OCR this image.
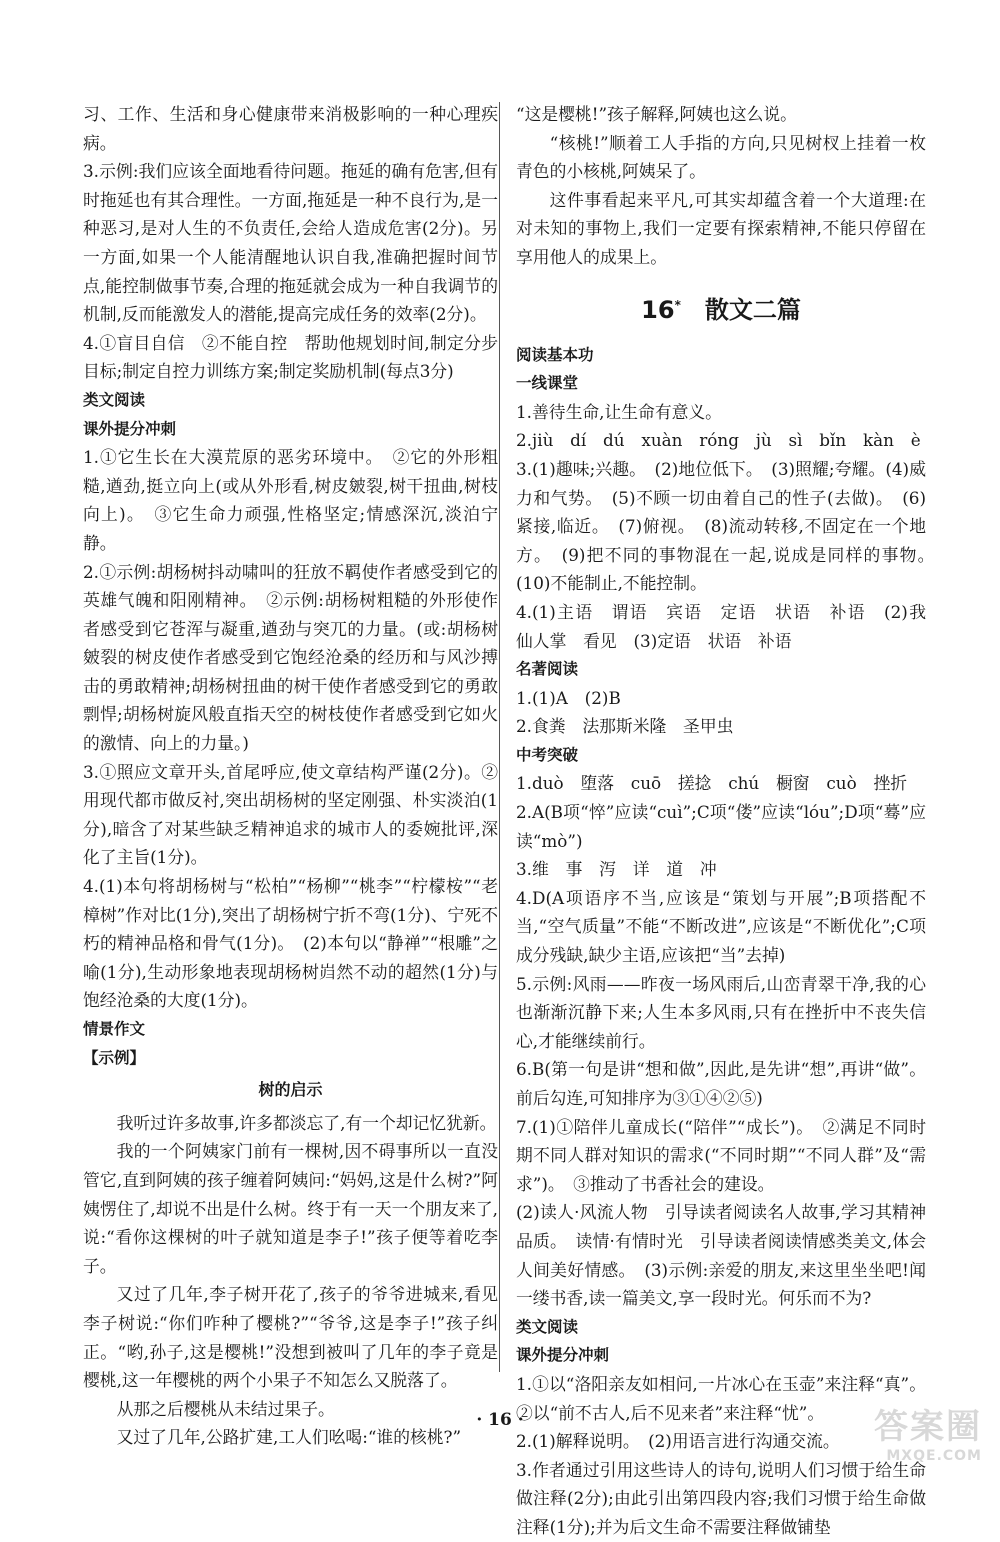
习、工作、生活和身心健康带来消极影响的一种心理疾病。

3.示例:我们应该全面地看待问题。拖延的确有危害,但有时拖延也有其合理性。一方面,拖延是一种不良行为,是一种恶习,是对人生的不负责任,会给人造成危害(2分)。另一方面,如果一个人能清醒地认识自我,准确把握时间节点,能控制做事节奏,合理的拖延就会成为一种自我调节的机制,反而能激发人的潜能,提高完成任务的效率(2分)。

4.①盲目自信　②不能自控　帮助他规划时间,制定分步目标;制定自控力训练方案;制定奖励机制(每点3分)

类文阅读

课外提分冲刺

1.①它生长在大漠荒原的恶劣环境中。　②它的外形粗糙,遒劲,挺立向上(或从外形看,树皮皴裂,树干扭曲,树枝向上)。　③它生命力顽强,性格坚定;情感深沉,淡泊宁静。

2.①示例:胡杨树抖动啸叫的狂放不羁使作者感受到它的英雄气魄和阳刚精神。　②示例:胡杨树粗糙的外形使作者感受到它苍浑与凝重,遒劲与突兀的力量。(或:胡杨树皴裂的树皮使作者感受到它饱经沧桑的经历和与风沙搏击的勇敢精神;胡杨树扭曲的树干使作者感受到它的勇敢剽悍;胡杨树旋风般直指天空的树枝使作者感受到它如火的激情、向上的力量。)

3.①照应文章开头,首尾呼应,使文章结构严谨(2分)。②用现代都市做反衬,突出胡杨树的坚定刚强、朴实淡泊(1分),暗含了对某些缺乏精神追求的城市人的委婉批评,深化了主旨(1分)。

4.(1)本句将胡杨树与“松柏”“杨柳”“桃李”“柠檬桉”“老樟树”作对比(1分),突出了胡杨树宁折不弯(1分)、宁死不朽的精神品格和骨气(1分)。　(2)本句以“静禅”“根雕”之喻(1分),生动形象地表现胡杨树岿然不动的超然(1分)与饱经沧桑的大度(1分)。

情景作文

【示例】

树的启示

我听过许多故事,许多都淡忘了,有一个却记忆犹新。

我的一个阿姨家门前有一棵树,因不碍事所以一直没管它,直到阿姨的孩子缠着阿姨问:“妈妈,这是什么树?”阿姨愣住了,却说不出是什么树。终于有一天一个朋友来了,说:“看你这棵树的叶子就知道是李子!”孩子便等着吃李子。

又过了几年,李子树开花了,孩子的爷爷进城来,看见李子树说:“你们咋种了樱桃?”“爷爷,这是李子!”孩子纠正。“哟,孙子,这是樱桃!”没想到被叫了几年的李子竟是樱桃,这一年樱桃的两个小果子不知怎么又脱落了。

从那之后樱桃从未结过果子。

又过了几年,公路扩建,工人们吆喝:“谁的核桃?”

“这是樱桃!”孩子解释,阿姨也这么说。

“核桃!”顺着工人手指的方向,只见树杈上挂着一枚青色的小核桃,阿姨呆了。

这件事看起来平凡,可其实却蕴含着一个大道理:在对未知的事物上,我们一定要有探索精神,不能只停留在享用他人的成果上。

16*  散文二篇

阅读基本功

一线课堂

1.善待生命,让生命有意义。

2.jiù　dí　dú　xuàn　róng　jù　sì　bǐn　kàn　è

3.(1)趣味;兴趣。　(2)地位低下。　(3)照耀;夸耀。(4)威力和气势。　(5)不顾一切由着自己的性子(去做)。　(6)紧接,临近。　(7)俯视。　(8)流动转移,不固定在一个地方。　(9)把不同的事物混在一起,说成是同样的事物。　(10)不能制止,不能控制。

4.(1)主语　谓语　宾语　定语　状语　补语　(2)我　仙人掌　看见　(3)定语　状语　补语

名著阅读

1.(1)A　(2)B

2.食粪　法那斯米隆　圣甲虫

中考突破

1.duò　堕落　cuō　搓捻　chú　橱窗　cuò　挫折

2.A(B项“悴”应读“cuì”;C项“偻”应读“lóu”;D项“蓦”应读“mò”)

3.维　事　泻　详　道　冲

4.D(A项语序不当,应该是“策划与开展”;B项搭配不当,“空气质量”不能“不断改进”,应该是“不断优化”;C项成分残缺,缺少主语,应该把“当”去掉)

5.示例:风雨——昨夜一场风雨后,山峦青翠干净,我的心也渐渐沉静下来;人生本多风雨,只有在挫折中不丧失信心,才能继续前行。

6.B(第一句是讲“想和做”,因此,是先讲“想”,再讲“做”。前后勾连,可知排序为③①④②⑤)

7.(1)①陪伴儿童成长(“陪伴”“成长”)。　②满足不同时期不同人群对知识的需求(“不同时期”“不同人群”及“需求”)。　③推动了书香社会的建设。

(2)读人·风流人物　引导读者阅读名人故事,学习其精神品质。　读情·有情时光　引导读者阅读情感类美文,体会人间美好情感。　(3)示例:亲爱的朋友,来这里坐坐吧!闻一缕书香,读一篇美文,享一段时光。何乐而不为?

类文阅读

课外提分冲刺

1.①以“洛阳亲友如相问,一片冰心在玉壶”来注释“真”。②以“前不古人,后不见来者”来注释“忧”。

2.(1)解释说明。　(2)用语言进行沟通交流。

3.作者通过引用这些诗人的诗句,说明人们习惯于给生命做注释(2分);由此引出第四段内容;我们习惯于给生命做注释(1分);并为后文生命不需要注释做铺垫

· 16 ·	答案圈
MXQE.COM
